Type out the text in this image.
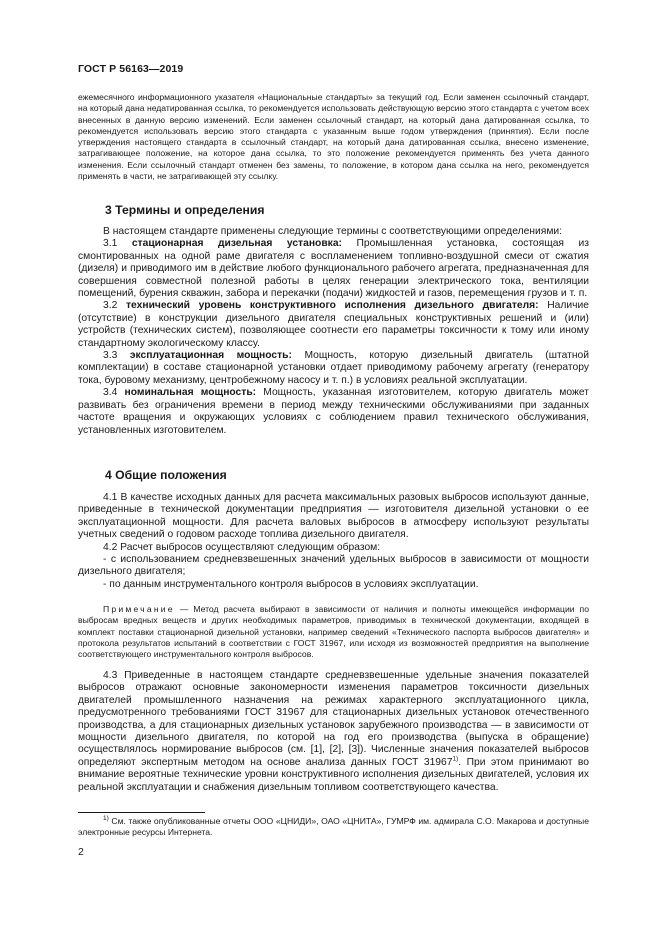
ГОСТ Р 56163—2019

ежемесячного информационного указателя «Национальные стандарты» за текущий год. Если заменен ссылочный стандарт, на который дана недатированная ссылка, то рекомендуется использовать действующую версию этого стандарта с учетом всех внесенных в данную версию изменений. Если заменен ссылочный стандарт, на который дана датированная ссылка, то рекомендуется использовать версию этого стандарта с указанным выше годом утверждения (принятия). Если после утверждения настоящего стандарта в ссылочный стандарт, на который дана датированная ссылка, внесено изменение, затрагивающее положение, на которое дана ссылка, то это положение рекомендуется применять без учета данного изменения. Если ссылочный стандарт отменен без замены, то положение, в котором дана ссылка на него, рекомендуется применять в части, не затрагивающей эту ссылку.

3 Термины и определения

В настоящем стандарте применены следующие термины с соответствующими определениями:

3.1 стационарная дизельная установка: Промышленная установка, состоящая из смонтированных на одной раме двигателя с воспламенением топливно-воздушной смеси от сжатия (дизеля) и приводимого им в действие любого функционального рабочего агрегата, предназначенная для совершения совместной полезной работы в целях генерации электрического тока, вентиляции помещений, бурения скважин, забора и перекачки (подачи) жидкостей и газов, перемещения грузов и т. п.

3.2 технический уровень конструктивного исполнения дизельного двигателя: Наличие (отсутствие) в конструкции дизельного двигателя специальных конструктивных решений и (или) устройств (технических систем), позволяющее соотнести его параметры токсичности к тому или иному стандартному экологическому классу.

3.3 эксплуатационная мощность: Мощность, которую дизельный двигатель (штатной комплектации) в составе стационарной установки отдает приводимому рабочему агрегату (генератору тока, буровому механизму, центробежному насосу и т. п.) в условиях реальной эксплуатации.

3.4 номинальная мощность: Мощность, указанная изготовителем, которую двигатель может развивать без ограничения времени в период между техническими обслуживаниями при заданных частоте вращения и окружающих условиях с соблюдением правил технического обслуживания, установленных изготовителем.

4 Общие положения

4.1 В качестве исходных данных для расчета максимальных разовых выбросов используют данные, приведенные в технической документации предприятия — изготовителя дизельной установки о ее эксплуатационной мощности. Для расчета валовых выбросов в атмосферу используют результаты учетных сведений о годовом расходе топлива дизельного двигателя.

4.2 Расчет выбросов осуществляют следующим образом:

- с использованием средневзвешенных значений удельных выбросов в зависимости от мощности дизельного двигателя;

- по данным инструментального контроля выбросов в условиях эксплуатации.

Примечание — Метод расчета выбирают в зависимости от наличия и полноты имеющейся информации по выбросам вредных веществ и других необходимых параметров, приводимых в технической документации, входящей в комплект поставки стационарной дизельной установки, например сведений «Технического паспорта выбросов двигателя» и протокола результатов испытаний в соответствии с ГОСТ 31967, или исходя из возможностей предприятия на выполнение соответствующего инструментального контроля выбросов.

4.3 Приведенные в настоящем стандарте средневзвешенные удельные значения показателей выбросов отражают основные закономерности изменения параметров токсичности дизельных двигателей промышленного назначения на режимах характерного эксплуатационного цикла, предусмотренного требованиями ГОСТ 31967 для стационарных дизельных установок отечественного производства, а для стационарных дизельных установок зарубежного производства — в зависимости от мощности дизельного двигателя, по которой на год его производства (выпуска в обращение) осуществлялось нормирование выбросов (см. [1], [2], [3]). Численные значения показателей выбросов определяют экспертным методом на основе анализа данных ГОСТ 31967$^{1)}$. При этом принимают во внимание вероятные технические уровни конструктивного исполнения дизельных двигателей, условия их реальной эксплуатации и снабжения дизельным топливом соответствующего качества.

$^{1)}$ См. также опубликованные отчеты ООО «ЦНИДИ», ОАО «ЦНИТА», ГУМРФ им. адмирала С.О. Макарова и доступные электронные ресурсы Интернета.

2
